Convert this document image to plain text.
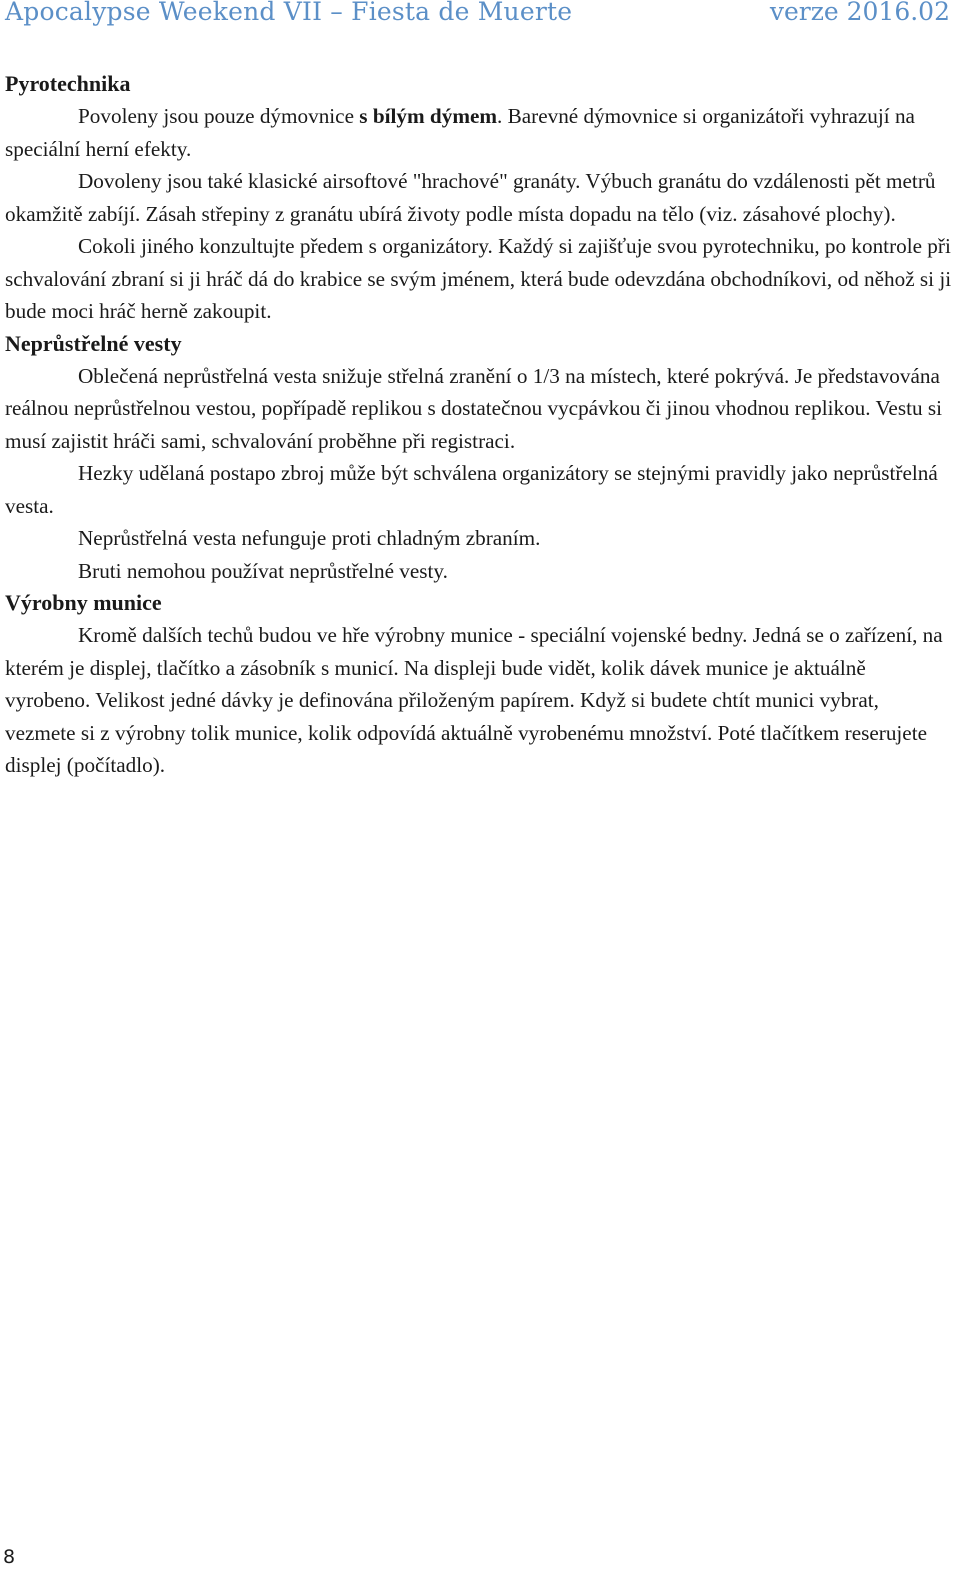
Apocalypse Weekend VII – Fiesta de Muerte	verze 2016.02
Pyrotechnika

Povoleny jsou pouze dýmovnice s bílým dýmem. Barevné dýmovnice si organizátoři vyhrazují na speciální herní efekty.

Dovoleny jsou také klasické airsoftové "hrachové" granáty. Výbuch granátu do vzdálenosti pět metrů okamžitě zabíjí. Zásah střepiny z granátu ubírá životy podle místa dopadu na tělo (viz. zásahové plochy).

Cokoli jiného konzultujte předem s organizátory. Každý si zajišťuje svou pyrotechniku, po kontrole při schvalování zbraní si ji hráč dá do krabice se svým jménem, která bude odevzdána obchodníkovi, od něhož si ji bude moci hráč herně zakoupit.

Neprůstřelné vesty

Oblečená neprůstřelná vesta snižuje střelná zranění o 1/3 na místech, které pokrývá. Je představována reálnou neprůstřelnou vestou, popřípadě replikou s dostatečnou vycpávkou či jinou vhodnou replikou. Vestu si musí zajistit hráči sami, schvalování proběhne při registraci.

Hezky udělaná postapo zbroj může být schválena organizátory se stejnými pravidly jako neprůstřelná vesta.

Neprůstřelná vesta nefunguje proti chladným zbraním.

Bruti nemohou používat neprůstřelné vesty.

Výrobny munice

Kromě dalších techů budou ve hře výrobny munice - speciální vojenské bedny. Jedná se o zařízení, na kterém je displej, tlačítko a zásobník s municí. Na displeji bude vidět, kolik dávek munice je aktuálně vyrobeno. Velikost jedné dávky je definována přiloženým papírem. Když si budete chtít munici vybrat, vezmete si z výrobny tolik munice, kolik odpovídá aktuálně vyrobenému množství. Poté tlačítkem reserujete displej (počítadlo).

8
